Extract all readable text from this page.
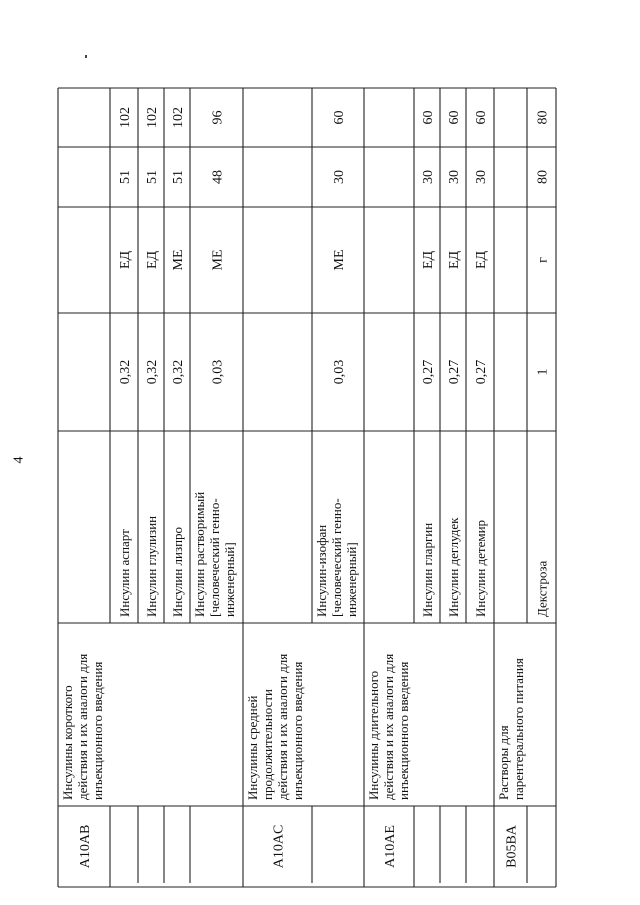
4
A10AB
Инсулины короткого действия и их аналоги для инъекционного введения
Инсулин аспарт
0,32
ЕД
51
102
Инсулин глулизин
0,32
ЕД
51
102
Инсулин лизпро
0,32
МЕ
51
102
Инсулин растворимый [человеческий генно- инженерный]
0,03
МЕ
48
96
A10AC
Инсулины средней продолжительности действия и их аналоги для инъекционного введения
Инсулин-изофан [человеческий генно- инженерный]
0,03
МЕ
30
60
A10AE
Инсулины длительного действия и их аналоги для инъекционного введения
Инсулин гларгин
0,27
ЕД
30
60
Инсулин деглудек
0,27
ЕД
30
60
Инсулин детемир
0,27
ЕД
30
60
B05BA
Растворы для парентерального питания
Декстроза
1
г
80
80
